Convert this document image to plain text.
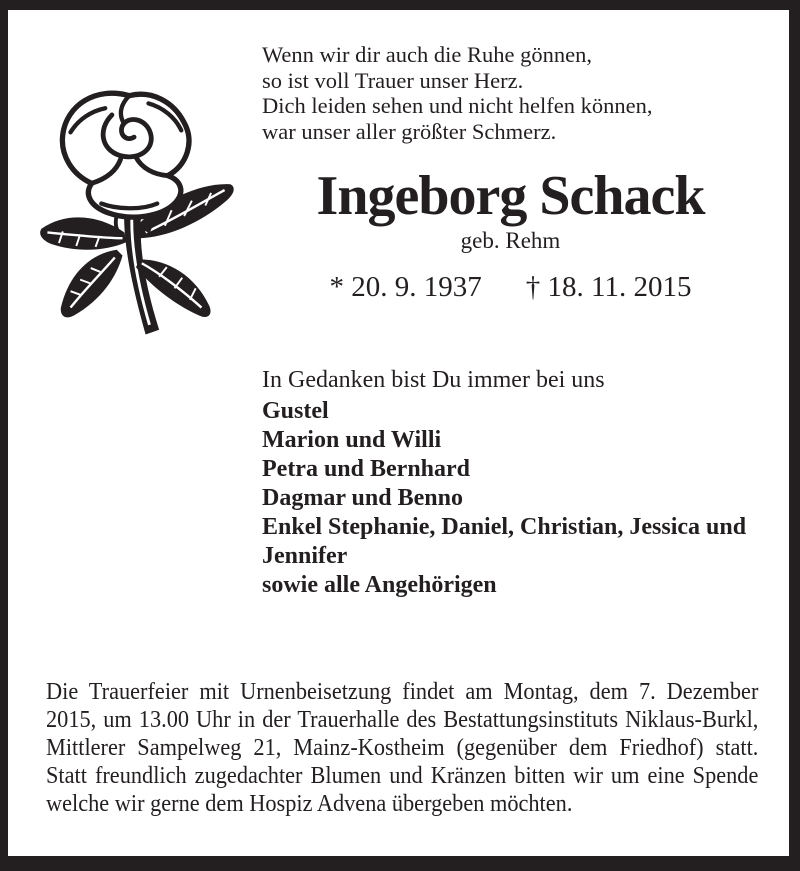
Wenn wir dir auch die Ruhe gönnen,
so ist voll Trauer unser Herz.
Dich leiden sehen und nicht helfen können,
war unser aller größter Schmerz.
Ingeborg Schack
geb. Rehm
* 20. 9. 1937 † 18. 11. 2015
In Gedanken bist Du immer bei uns
Gustel
Marion und Willi
Petra und Bernhard
Dagmar und Benno
Enkel Stephanie, Daniel, Christian, Jessica und Jennifer
sowie alle Angehörigen
Die Trauerfeier mit Urnenbeisetzung findet am Montag, dem 7. Dezember 2015, um 13.00 Uhr in der Trauerhalle des Bestattungsinstituts Niklaus-Burkl, Mittlerer Sampelweg 21, Mainz-Kostheim (gegenüber dem Friedhof) statt. Statt freundlich zugedachter Blumen und Kränzen bitten wir um eine Spende welche wir gerne dem Hospiz Advena übergeben möchten.
